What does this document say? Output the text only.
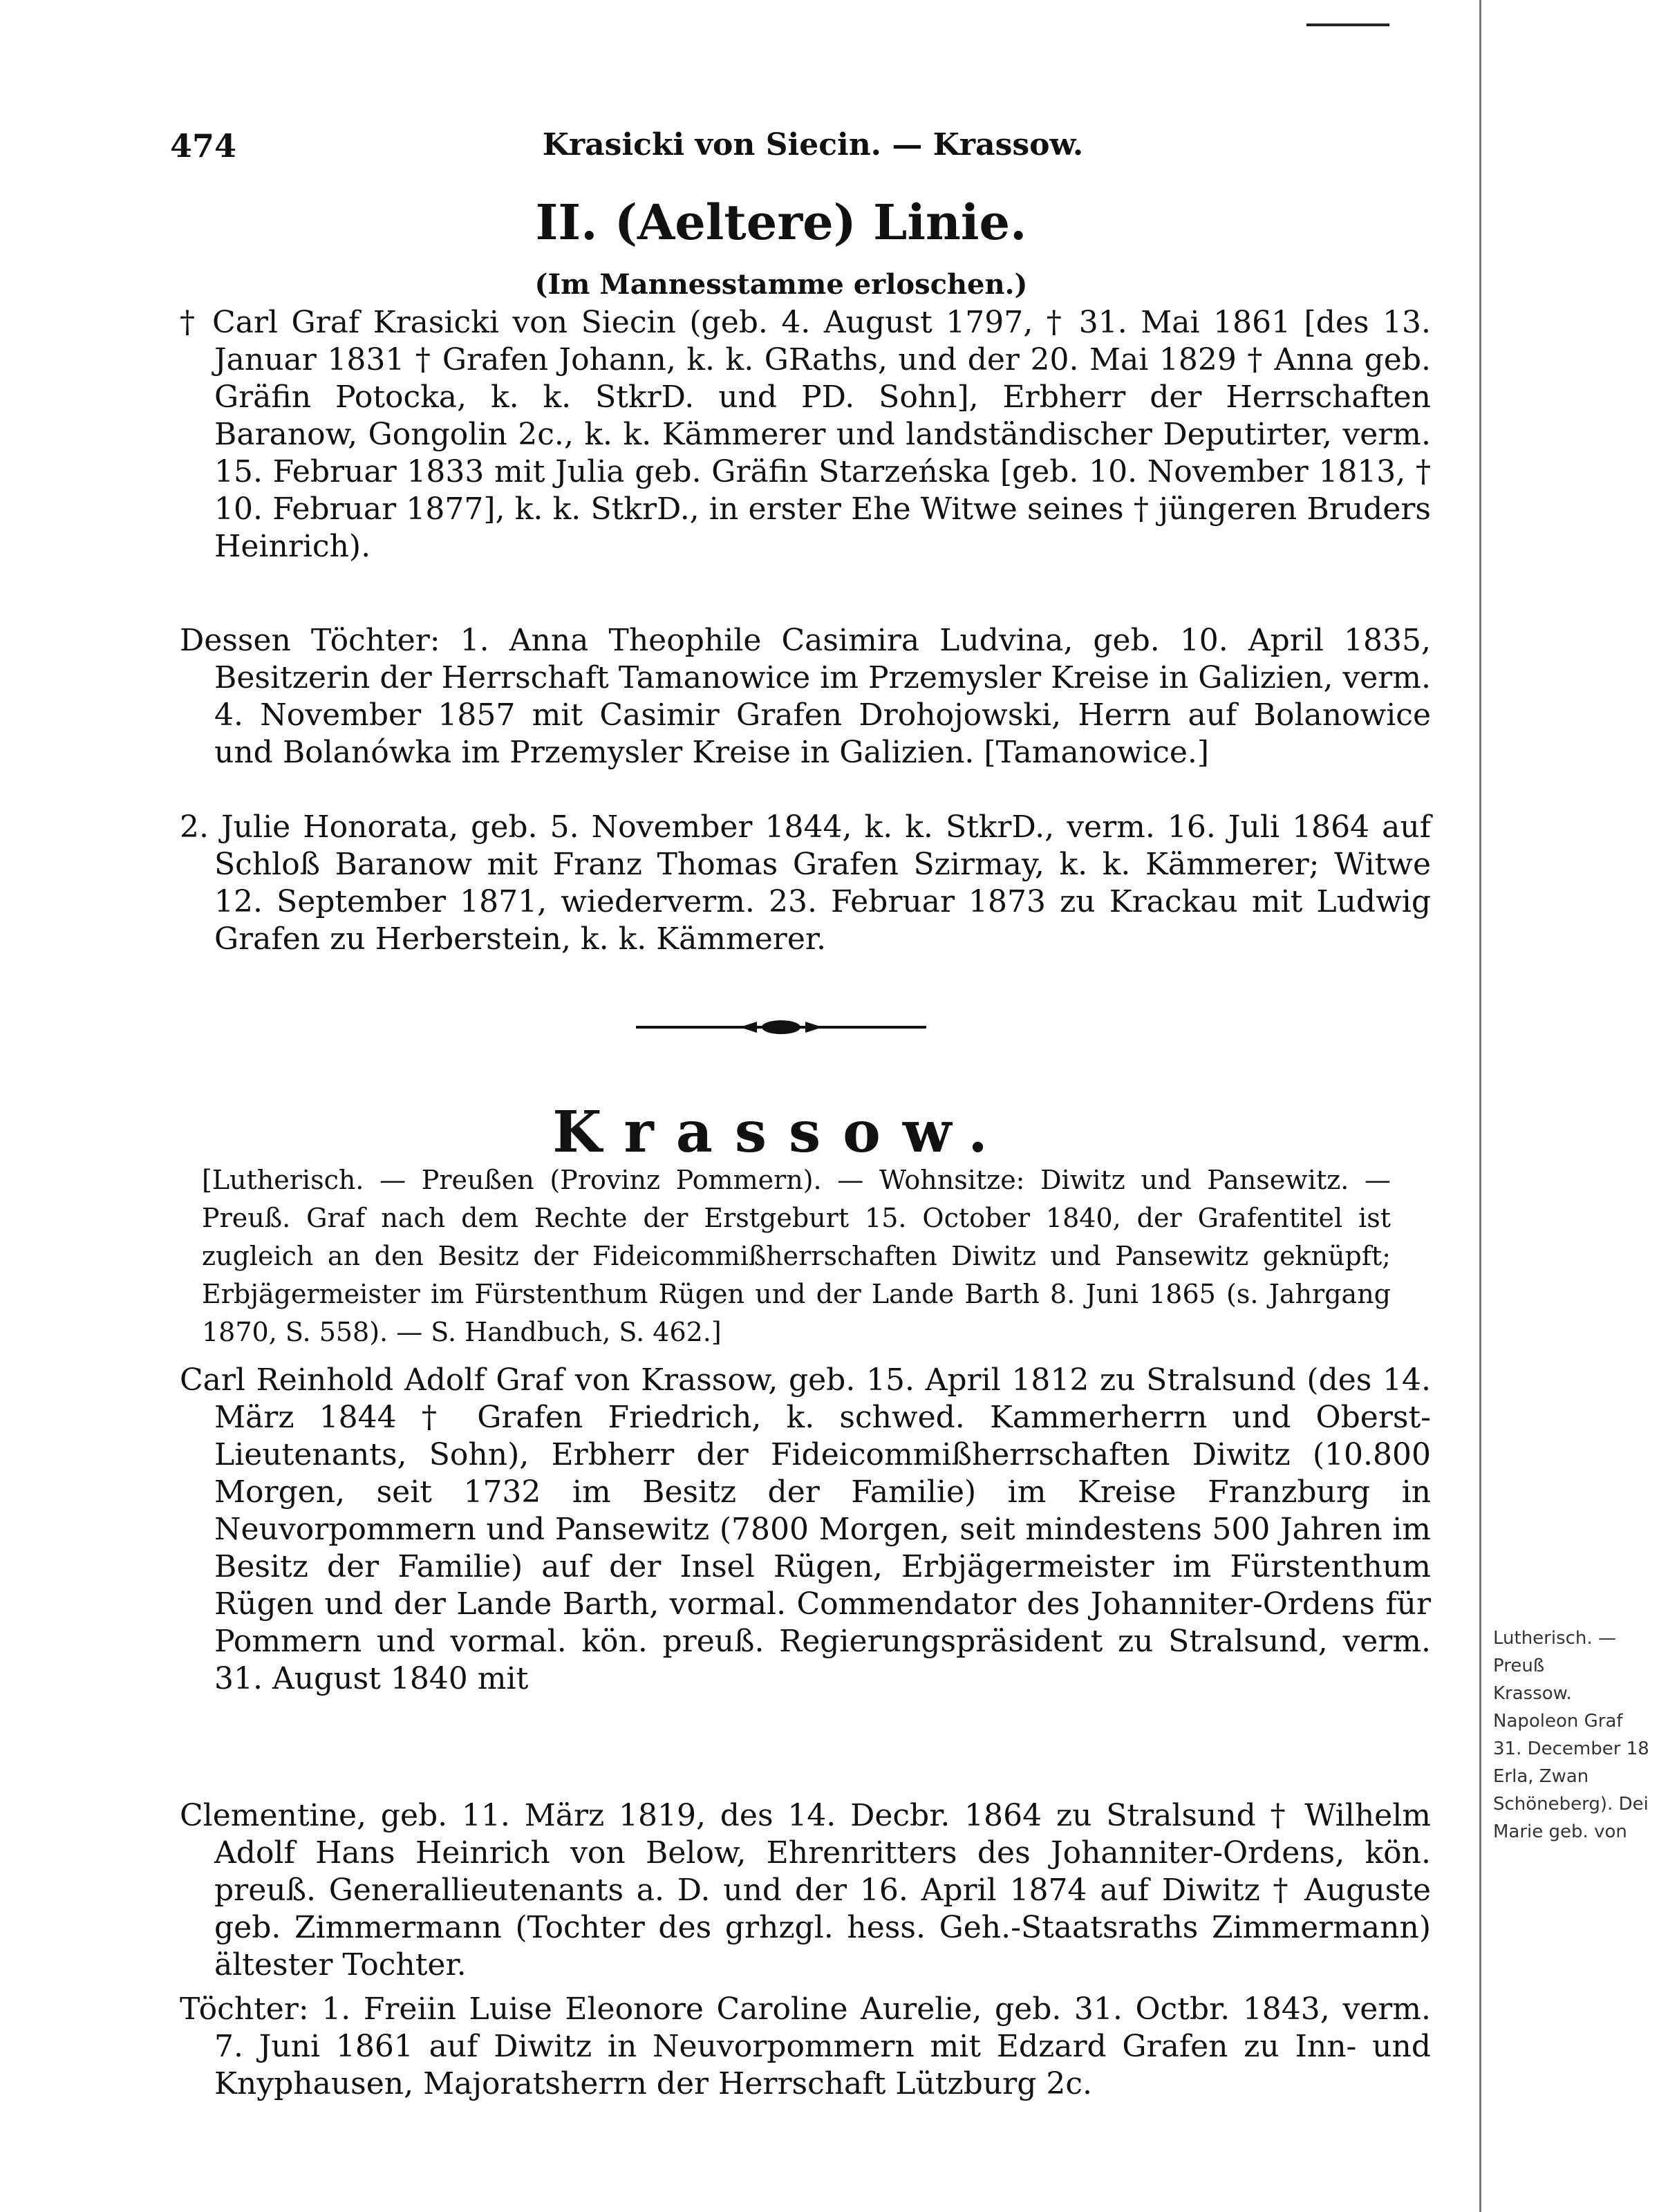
474	Krasicki von Siecin. — Krassow.
II. (Aeltere) Linie.
(Im Mannesstamme erloschen.)

† Carl Graf Krasicki von Siecin (geb. 4. August 1797, † 31. Mai 1861 [des 13. Januar 1831 † Grafen Johann, k. k. GRaths, und der 20. Mai 1829 † Anna geb. Gräfin Potocka, k. k. StkrD. und PD. Sohn], Erbherr der Herrschaften Baranow, Gongolin 2c., k. k. Kämmerer und landständischer Deputirter, verm. 15. Februar 1833 mit Julia geb. Gräfin Starzeńska [geb. 10. November 1813, † 10. Februar 1877], k. k. StkrD., in erster Ehe Witwe seines † jüngeren Bruders Heinrich).

Dessen Töchter: 1. Anna Theophile Casimira Ludvina, geb. 10. April 1835, Besitzerin der Herrschaft Tamanowice im Przemysler Kreise in Galizien, verm. 4. November 1857 mit Casimir Grafen Drohojowski, Herrn auf Bolanowice und Bolanówka im Przemysler Kreise in Galizien. [Tamanowice.]

2. Julie Honorata, geb. 5. November 1844, k. k. StkrD., verm. 16. Juli 1864 auf Schloß Baranow mit Franz Thomas Grafen Szirmay, k. k. Kämmerer; Witwe 12. September 1871, wiederverm. 23. Februar 1873 zu Krackau mit Ludwig Grafen zu Herberstein, k. k. Kämmerer.

Krassow.

[Lutherisch. — Preußen (Provinz Pommern). — Wohnsitze: Diwitz und Pansewitz. — Preuß. Graf nach dem Rechte der Erstgeburt 15. October 1840, der Grafentitel ist zugleich an den Besitz der Fideicommißherrschaften Diwitz und Pansewitz geknüpft; Erbjägermeister im Fürstenthum Rügen und der Lande Barth 8. Juni 1865 (s. Jahrgang 1870, S. 558). — S. Handbuch, S. 462.]

Carl Reinhold Adolf Graf von Krassow, geb. 15. April 1812 zu Stralsund (des 14. März 1844 † Grafen Friedrich, k. schwed. Kammerherrn und Oberst-Lieutenants, Sohn), Erbherr der Fideicommißherrschaften Diwitz (10.800 Morgen, seit 1732 im Besitz der Familie) im Kreise Franzburg in Neuvorpommern und Pansewitz (7800 Morgen, seit mindestens 500 Jahren im Besitz der Familie) auf der Insel Rügen, Erbjägermeister im Fürstenthum Rügen und der Lande Barth, vormal. Commendator des Johanniter-Ordens für Pommern und vormal. kön. preuß. Regierungspräsident zu Stralsund, verm. 31. August 1840 mit

Clementine, geb. 11. März 1819, des 14. Decbr. 1864 zu Stralsund † Wilhelm Adolf Hans Heinrich von Below, Ehrenritters des Johanniter-Ordens, kön. preuß. Generallieutenants a. D. und der 16. April 1874 auf Diwitz † Auguste geb. Zimmermann (Tochter des grhzgl. hess. Geh.-Staatsraths Zimmermann) ältester Tochter.

Töchter: 1. Freiin Luise Eleonore Caroline Aurelie, geb. 31. Octbr. 1843, verm. 7. Juni 1861 auf Diwitz in Neuvorpommern mit Edzard Grafen zu Inn- und Knyphausen, Majoratsherrn der Herrschaft Lützburg 2c.

Lutherisch. — Preuß
Krassow.
Napoleon Graf
31. December 18
Erla, Zwan
Schöneberg). Dei
Marie geb. von
